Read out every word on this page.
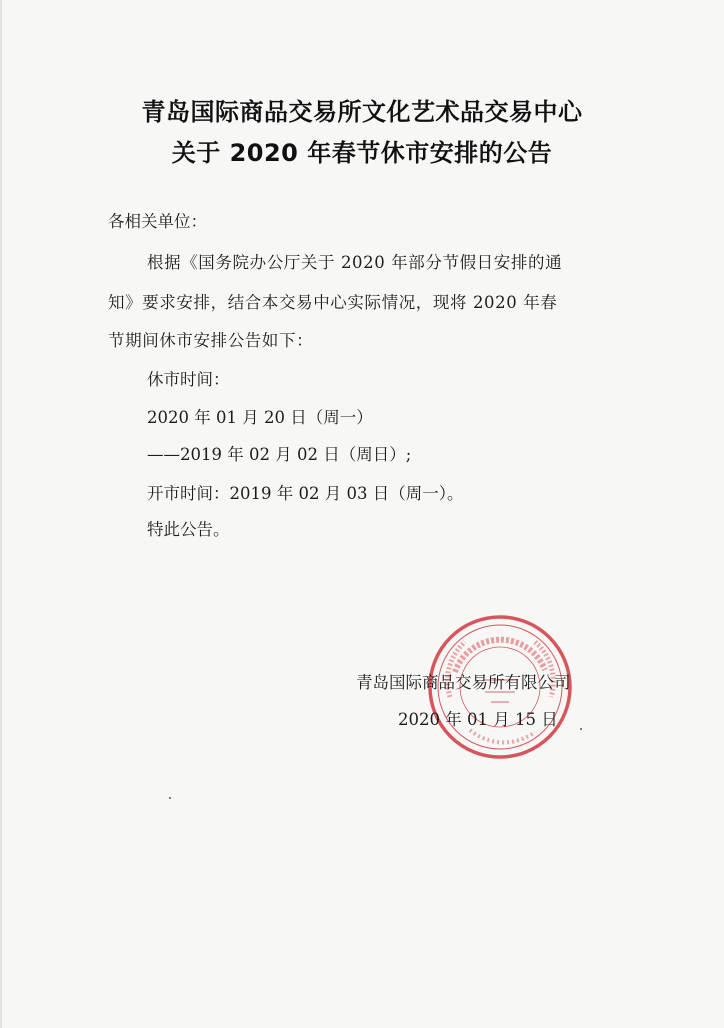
青岛国际商品交易所文化艺术品交易中心
关于 2020 年春节休市安排的公告
各相关单位：
根据《国务院办公厅关于 2020 年部分节假日安排的通
知》要求安排，结合本交易中心实际情况，现将 2020 年春
节期间休市安排公告如下：
休市时间：
2020 年 01 月 20 日（周一）
——2019 年 02 月 02 日（周日）;
开市时间：2019 年 02 月 03 日（周一）。
特此公告。
青岛国际商品交易所有限公司
2020 年 01 月 15 日
